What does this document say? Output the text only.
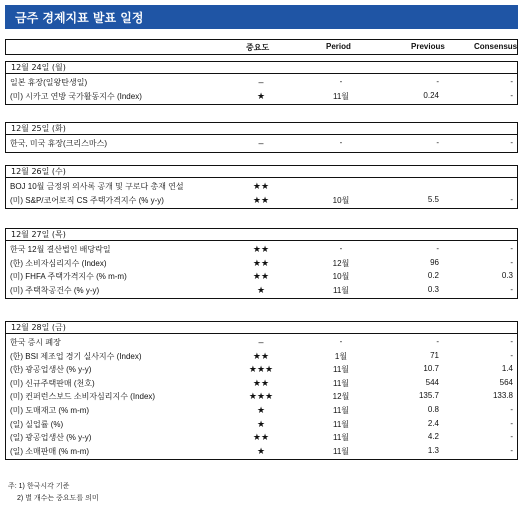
금주 경제지표 발표 일정
중요도	Period	Previous	Consensus
12월 24일 (월)
일본 휴장(일왕탄생일)	–	-	-	-
(미) 시카고 연방 국가활동지수 (Index)	★	11월	0.24	-
12월 25일 (화)
한국, 미국 휴장(크리스마스)	–	-	-	-
12월 26일 (수)
BOJ 10월 금정위 의사록 공개 및 구로다 총재 연설	★★
(미) S&P/코어로직 CS 주택가격지수 (% y-y)	★★	10월	5.5	-
12월 27일 (목)
한국 12월 결산법인 배당락일	★★	-	-	-
(한) 소비자심리지수 (Index)	★★	12월	96	-
(미) FHFA 주택가격지수 (% m-m)	★★	10월	0.2	0.3
(미) 주택착공건수 (% y-y)	★	11월	0.3	-
12월 28일 (금)
한국 증시 폐장	–	-	-	-
(한) BSI 제조업 경기 실사지수 (Index)	★★	1월	71	-
(한) 광공업생산 (% y-y)	★★★	11월	10.7	1.4
(미) 신규주택판매 (천호)	★★	11월	544	564
(미) 컨퍼런스보드 소비자심리지수 (Index)	★★★	12월	135.7	133.8
(미) 도매재고 (% m-m)	★	11월	0.8	-
(일) 실업률 (%)	★	11월	2.4	-
(일) 광공업생산 (% y-y)	★★	11월	4.2	-
(일) 소매판매 (% m-m)	★	11월	1.3	-
주: 1) 한국시각 기준
2) 별 개수는 중요도를 의미
